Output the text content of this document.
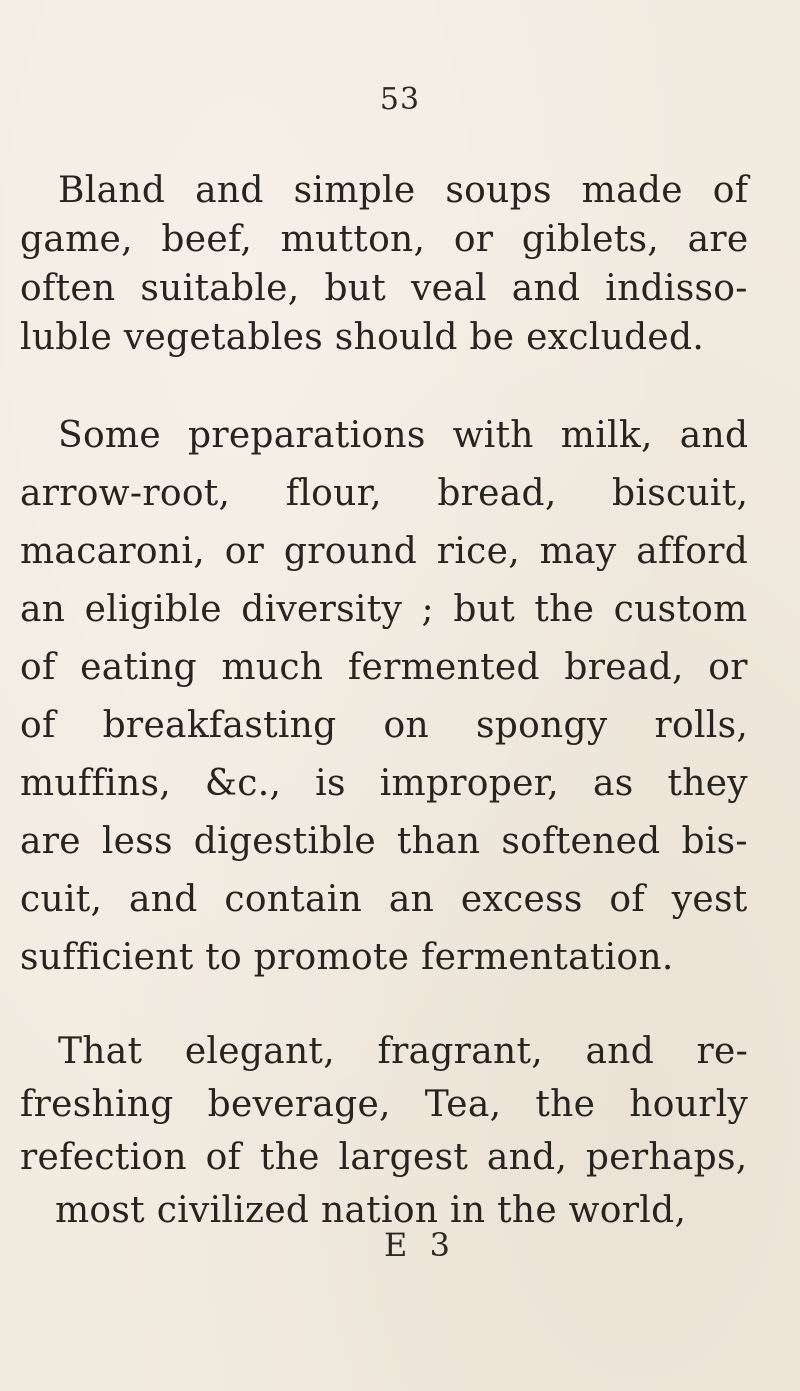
53
Bland and simple soups made of
game, beef, mutton, or giblets, are
often suitable, but veal and indisso-
luble vegetables should be excluded.
Some preparations with milk, and
arrow-root, flour, bread, biscuit,
macaroni, or ground rice, may afford
an eligible diversity ; but the custom
of eating much fermented bread, or
of breakfasting on spongy rolls,
muffins, &c., is improper, as they
are less digestible than softened bis-
cuit, and contain an excess of yest
sufficient to promote fermentation.
That elegant, fragrant, and re-
freshing beverage, Tea, the hourly
refection of the largest and, perhaps,
most civilized nation in the world,
E 3
